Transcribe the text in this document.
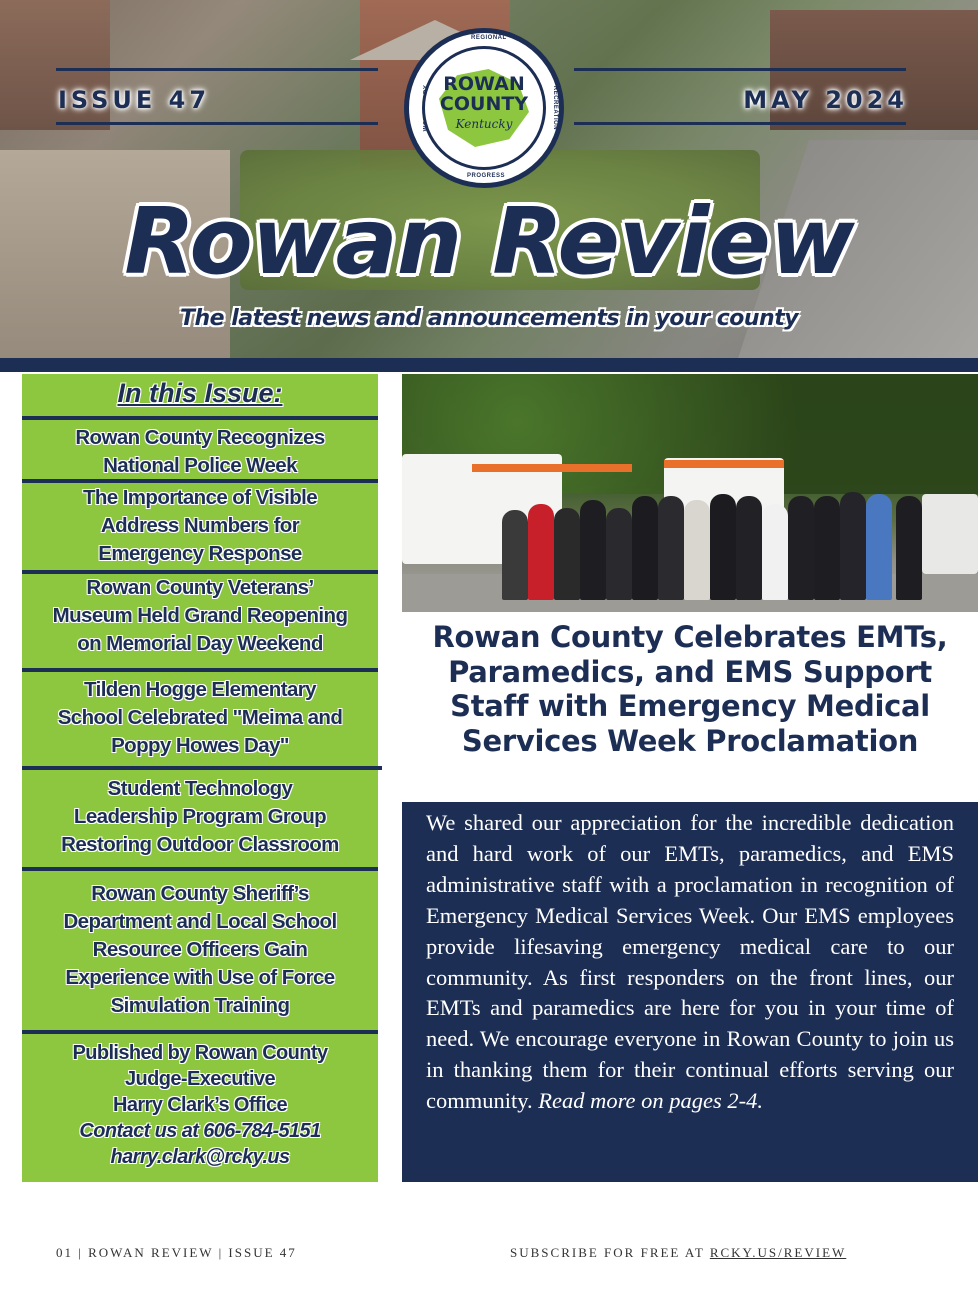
ISSUE 47	MAY 2024
REGIONAL
PROGRESS
RECREATION
ROWAN
COUNTY
Kentucky
Rowan Review
The latest news and announcements in your county
In this Issue:
Rowan County Recognizes
National Police Week
The Importance of Visible
Address Numbers for
Emergency Response
Rowan County Veterans’
Museum Held Grand Reopening
on Memorial Day Weekend
Tilden Hogge Elementary
School Celebrated "Meima and
Poppy Howes Day"
Student Technology
Leadership Program Group
Restoring Outdoor Classroom
Rowan County Sheriff’s
Department and Local School
Resource Officers Gain
Experience with Use of Force
Simulation Training
Published by Rowan County
Judge-Executive
Harry Clark’s Office
Contact us at 606-784-5151
harry.clark@rcky.us
Rowan County Celebrates EMTs, Paramedics, and EMS Support Staff with Emergency Medical Services Week Proclamation
We shared our appreciation for the incredible dedication and hard work of our EMTs, paramedics, and EMS administrative staff with a proclamation in recognition of Emergency Medical Services Week. Our EMS employees provide lifesaving emergency medical care to our community. As first responders on the front lines, our EMTs and paramedics are here for you in your time of need. We encourage everyone in Rowan County to join us in thanking them for their continual efforts serving our community. Read more on pages 2-4.
01 | ROWAN REVIEW | ISSUE 47	SUBSCRIBE FOR FREE AT RCKY.US/REVIEW
